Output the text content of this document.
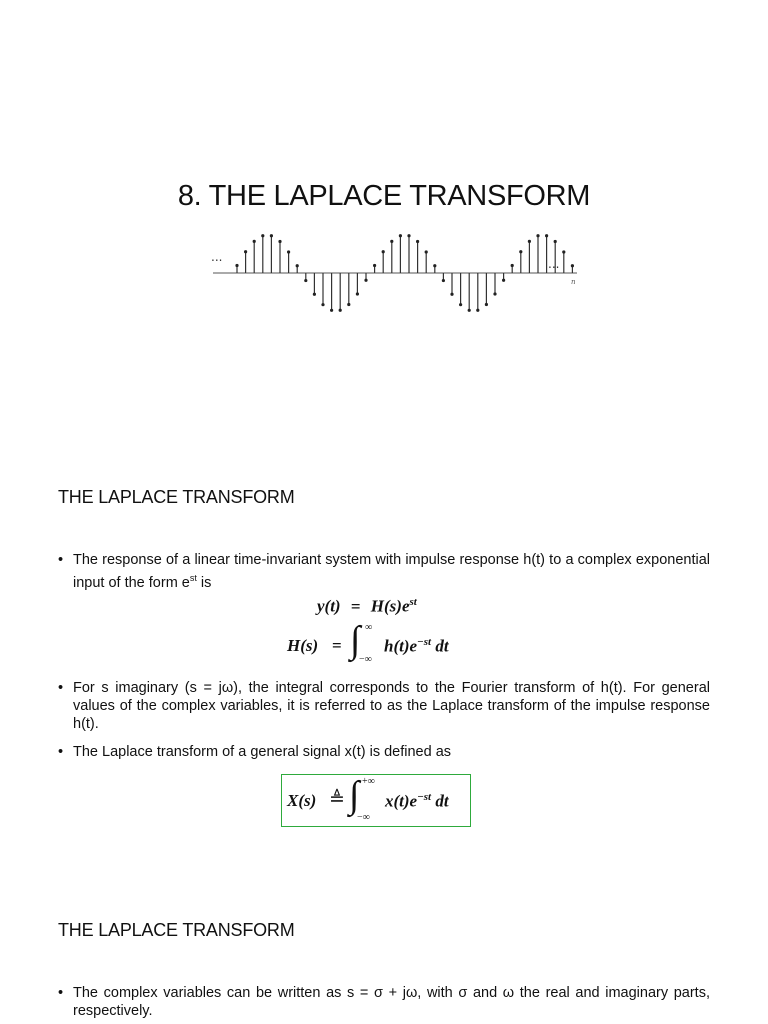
8. THE LAPLACE TRANSFORM
...	...
n
THE LAPLACE TRANSFORM
• The response of a linear time-invariant system with impulse response h(t) to a complex exponential input of the form $e^{st}$ is
$y(t) = H(s)e^{st}$
H(s) = ∫ ∞
−∞
$h(t)e^{-st}$ dt
• For s imaginary (s = jω), the integral corresponds to the Fourier transform of h(t). For general values of the complex variables, it is referred to as the Laplace transform of the impulse response h(t).
• The Laplace transform of a general signal x(t) is defined as
X(s) ≜ ∫ +∞
−∞
$x(t)e^{-st}$ dt
THE LAPLACE TRANSFORM
• The complex variables can be written as s = σ + jω, with σ and ω the real and imaginary parts, respectively.
